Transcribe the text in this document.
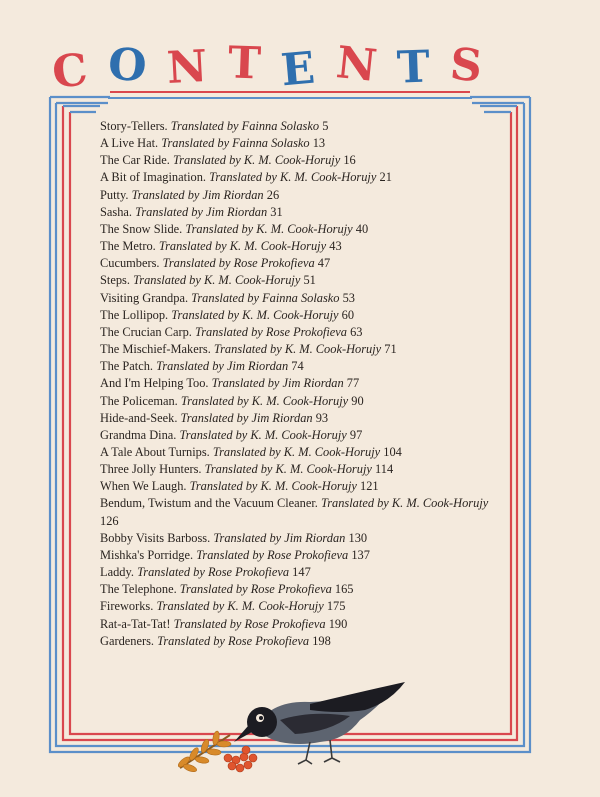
C O N T E N T S
Story-Tellers. Translated by Fainna Solasko 5
A Live Hat. Translated by Fainna Solasko 13
The Car Ride. Translated by K. M. Cook-Horujy 16
A Bit of Imagination. Translated by K. M. Cook-Horujy 21
Putty. Translated by Jim Riordan 26
Sasha. Translated by Jim Riordan 31
The Snow Slide. Translated by K. M. Cook-Horujy 40
The Metro. Translated by K. M. Cook-Horujy 43
Cucumbers. Translated by Rose Prokofieva 47
Steps. Translated by K. M. Cook-Horujy 51
Visiting Grandpa. Translated by Fainna Solasko 53
The Lollipop. Translated by K. M. Cook-Horujy 60
The Crucian Carp. Translated by Rose Prokofieva 63
The Mischief-Makers. Translated by K. M. Cook-Horujy 71
The Patch. Translated by Jim Riordan 74
And I'm Helping Too. Translated by Jim Riordan 77
The Policeman. Translated by K. M. Cook-Horujy 90
Hide-and-Seek. Translated by Jim Riordan 93
Grandma Dina. Translated by K. M. Cook-Horujy 97
A Tale About Turnips. Translated by K. M. Cook-Horujy 104
Three Jolly Hunters. Translated by K. M. Cook-Horujy 114
When We Laugh. Translated by K. M. Cook-Horujy 121
Bendum, Twistum and the Vacuum Cleaner. Translated by K. M. Cook-Horujy 126
Bobby Visits Barboss. Translated by Jim Riordan 130
Mishka's Porridge. Translated by Rose Prokofieva 137
Laddy. Translated by Rose Prokofieva 147
The Telephone. Translated by Rose Prokofieva 165
Fireworks. Translated by K. M. Cook-Horujy 175
Rat-a-Tat-Tat! Translated by Rose Prokofieva 190
Gardeners. Translated by Rose Prokofieva 198
